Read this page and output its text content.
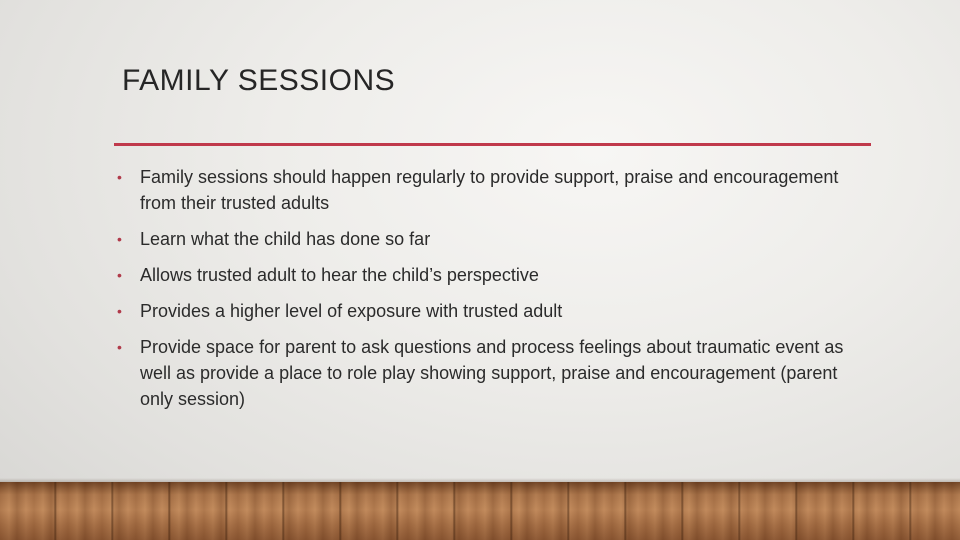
FAMILY SESSIONS
• Family sessions should happen regularly to provide support, praise and encouragement from their trusted adults
• Learn what the child has done so far
• Allows trusted adult to hear the child’s perspective
• Provides a higher level of exposure with trusted adult
• Provide space for parent to ask questions and process feelings about traumatic event as well as provide a place to role play showing support, praise and encouragement (parent only session)
